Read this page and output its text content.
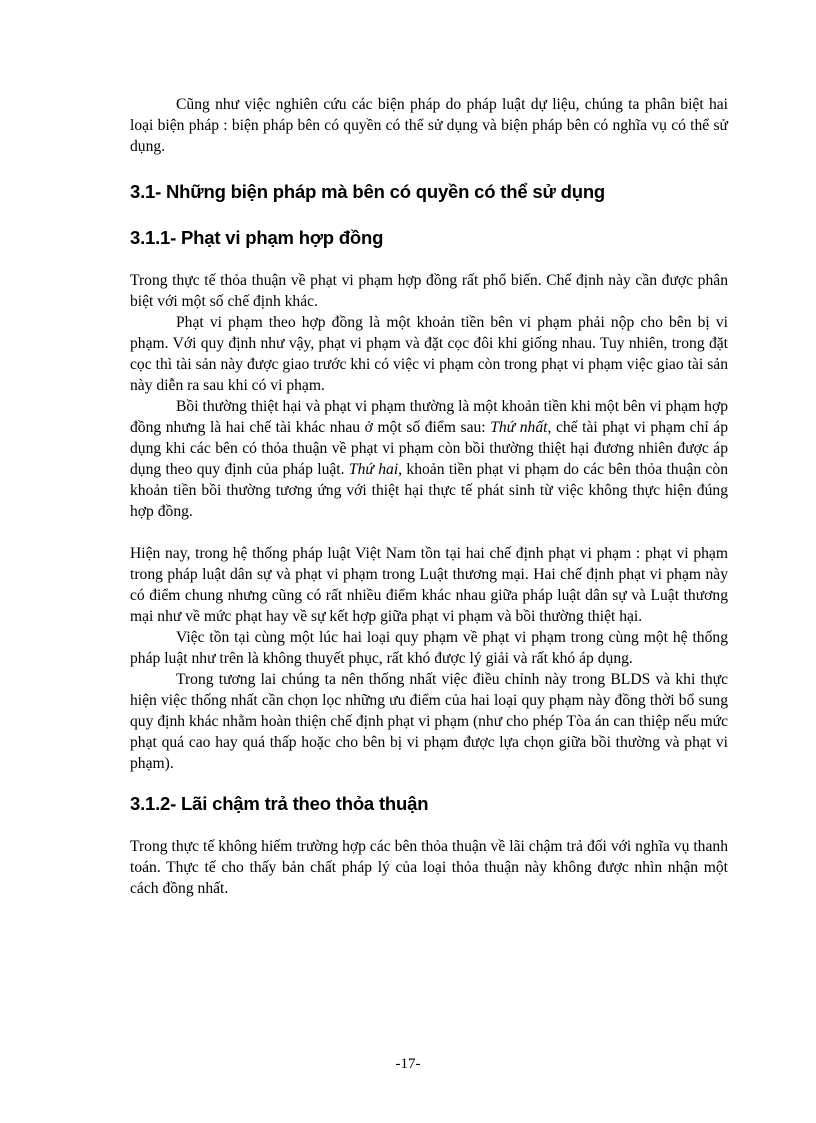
Cũng như việc nghiên cứu các biện pháp do pháp luật dự liệu, chúng ta phân biệt hai loại biện pháp : biện pháp bên có quyền có thể sử dụng và biện pháp bên có nghĩa vụ có thể sử dụng.

3.1- Những biện pháp mà bên có quyền có thể sử dụng
3.1.1- Phạt vi phạm hợp đồng

Trong thực tế thỏa thuận về phạt vi phạm hợp đồng rất phổ biến. Chế định này cần được phân biệt với một số chế định khác.

Phạt vi phạm theo hợp đồng là một khoản tiền bên vi phạm phải nộp cho bên bị vi phạm. Với quy định như vậy, phạt vi phạm và đặt cọc đôi khi giống nhau. Tuy nhiên, trong đặt cọc thì tài sản này được giao trước khi có việc vi phạm còn trong phạt vi phạm việc giao tài sản này diễn ra sau khi có vi phạm.

Bồi thường thiệt hại và phạt vi phạm thường là một khoản tiền khi một bên vi phạm hợp đồng nhưng là hai chế tài khác nhau ở một số điểm sau: Thứ nhất, chế tài phạt vi phạm chỉ áp dụng khi các bên có thỏa thuận về phạt vi phạm còn bồi thường thiệt hại đương nhiên được áp dụng theo quy định của pháp luật. Thứ hai, khoản tiền phạt vi phạm do các bên thỏa thuận còn khoản tiền bồi thường tương ứng với thiệt hại thực tế phát sinh từ việc không thực hiện đúng hợp đồng.

Hiện nay, trong hệ thống pháp luật Việt Nam tồn tại hai chế định phạt vi phạm : phạt vi phạm trong pháp luật dân sự và phạt vi phạm trong Luật thương mại. Hai chế định phạt vi phạm này có điểm chung nhưng cũng có rất nhiều điểm khác nhau giữa pháp luật dân sự và Luật thương mại như về mức phạt hay về sự kết hợp giữa phạt vi phạm và bồi thường thiệt hại.

Việc tồn tại cùng một lúc hai loại quy phạm về phạt vi phạm trong cùng một hệ thống pháp luật như trên là không thuyết phục, rất khó được lý giải và rất khó áp dụng.

Trong tương lai chúng ta nên thống nhất việc điều chỉnh này trong BLDS và khi thực hiện việc thống nhất cần chọn lọc những ưu điểm của hai loại quy phạm này đồng thời bổ sung quy định khác nhằm hoàn thiện chế định phạt vi phạm (như cho phép Tòa án can thiệp nếu mức phạt quá cao hay quá thấp hoặc cho bên bị vi phạm được lựa chọn giữa bồi thường và phạt vi phạm).

3.1.2- Lãi chậm trả theo thỏa thuận

Trong thực tế không hiếm trường hợp các bên thỏa thuận về lãi chậm trả đối với nghĩa vụ thanh toán. Thực tế cho thấy bản chất pháp lý của loại thỏa thuận này không được nhìn nhận một cách đồng nhất.

-17-
